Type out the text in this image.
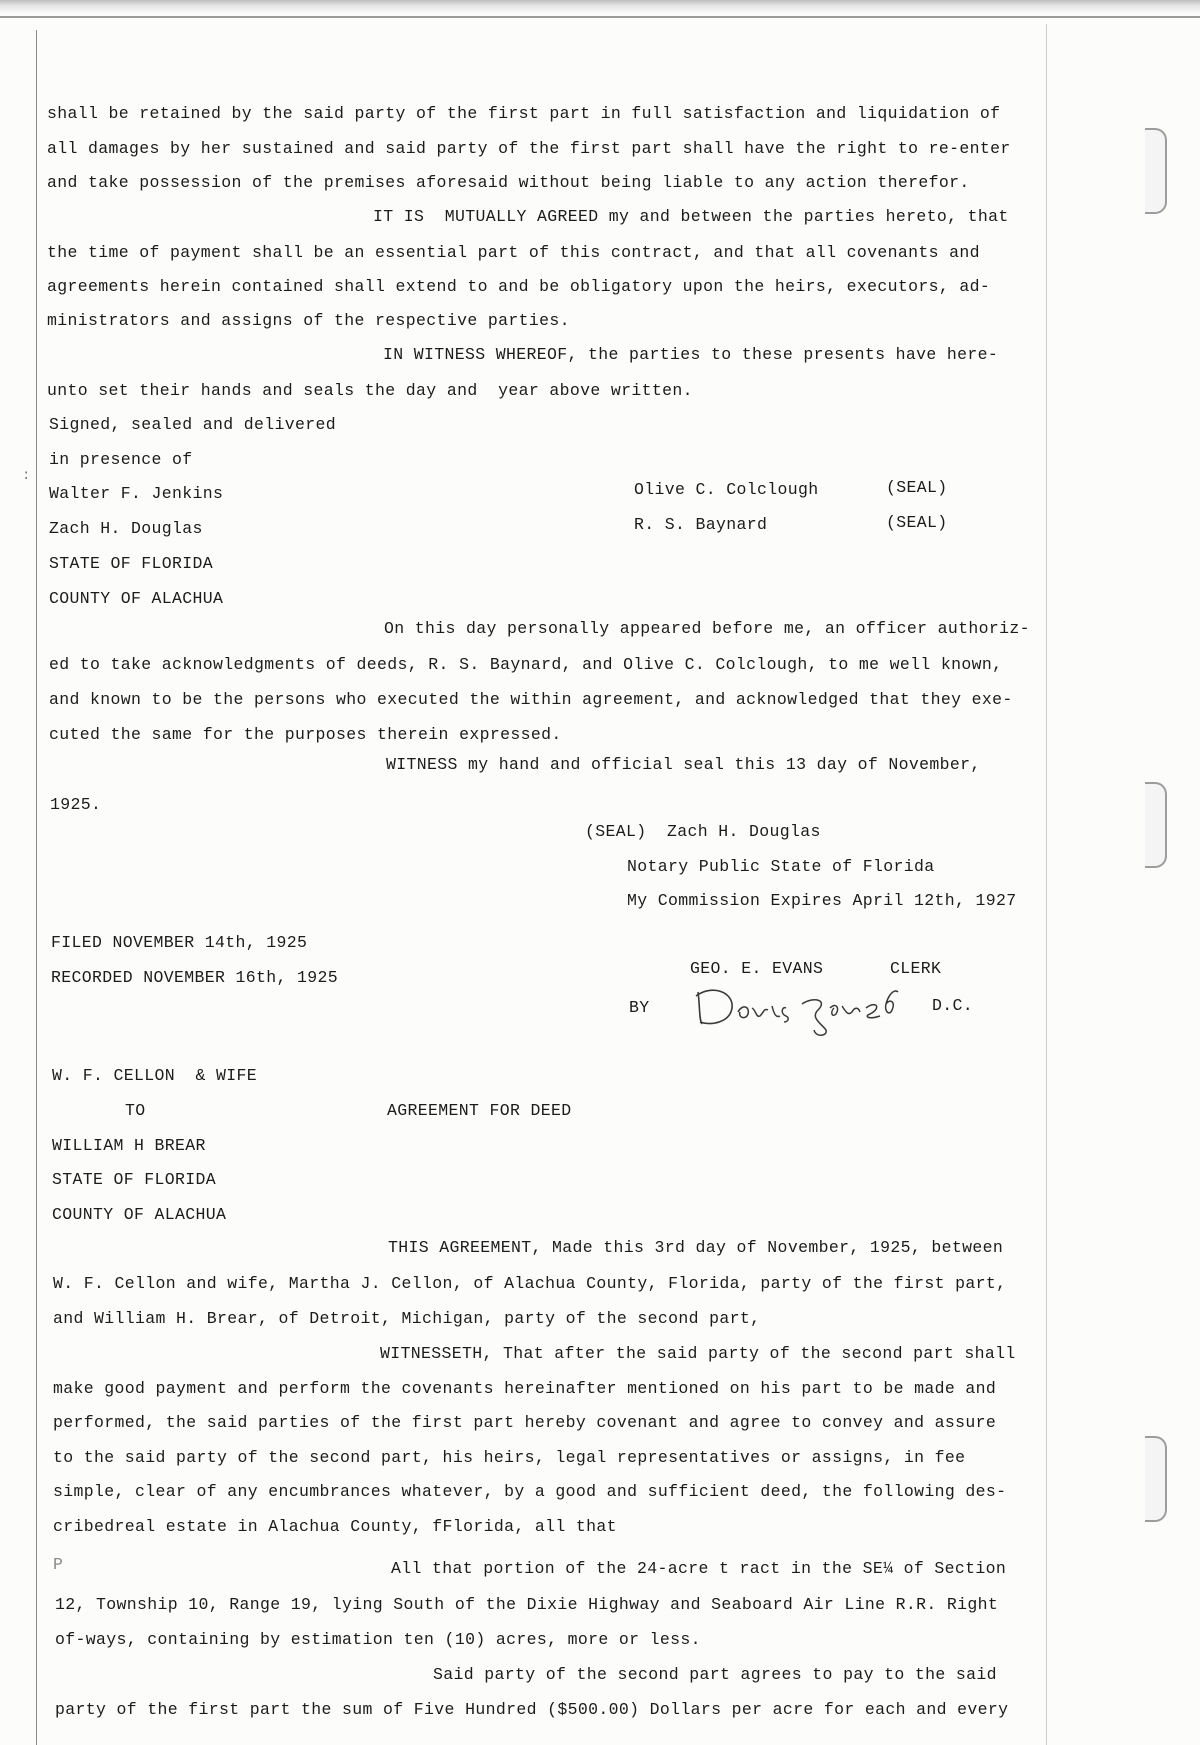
:

shall be retained by the said party of the first part in full satisfaction and liquidation of

all damages by her sustained and said party of the first part shall have the right to re-enter

and take possession of the premises aforesaid without being liable to any action therefor.

IT IS  MUTUALLY AGREED my and between the parties hereto, that

the time of payment shall be an essential part of this contract, and that all covenants and

agreements herein contained shall extend to and be obligatory upon the heirs, executors, ad-

ministrators and assigns of the respective parties.

IN WITNESS WHEREOF, the parties to these presents have here-

unto set their hands and seals the day and  year above written.

Signed, sealed and delivered

in presence of

Walter F. Jenkins	Olive C. Colclough	(SEAL)

Zach H. Douglas	R. S. Baynard	(SEAL)

STATE OF FLORIDA

COUNTY OF ALACHUA

On this day personally appeared before me, an officer authoriz-

ed to take acknowledgments of deeds, R. S. Baynard, and Olive C. Colclough, to me well known,

and known to be the persons who executed the within agreement, and acknowledged that they exe-

cuted the same for the purposes therein expressed.

WITNESS my hand and official seal this 13 day of November,

1925.

(SEAL)  Zach H. Douglas

Notary Public State of Florida

My Commission Expires April 12th, 1927

FILED NOVEMBER 14th, 1925

GEO. E. EVANS	CLERK

RECORDED NOVEMBER 16th, 1925

BY	D.C.

W. F. CELLON  & WIFE

TO	AGREEMENT FOR DEED

WILLIAM H BREAR

STATE OF FLORIDA

COUNTY OF ALACHUA

THIS AGREEMENT, Made this 3rd day of November, 1925, between

W. F. Cellon and wife, Martha J. Cellon, of Alachua County, Florida, party of the first part,

and William H. Brear, of Detroit, Michigan, party of the second part,

WITNESSETH, That after the said party of the second part shall

make good payment and perform the covenants hereinafter mentioned on his part to be made and

performed, the said parties of the first part hereby covenant and agree to convey and assure

to the said party of the second part, his heirs, legal representatives or assigns, in fee

simple, clear of any encumbrances whatever, by a good and sufficient deed, the following des-

cribedreal estate in Alachua County, fFlorida, all that

P	All that portion of the 24-acre t ract in the SE¼ of Section

12, Township 10, Range 19, lying South of the Dixie Highway and Seaboard Air Line R.R. Right

of-ways, containing by estimation ten (10) acres, more or less.

Said party of the second part agrees to pay to the said

party of the first part the sum of Five Hundred ($500.00) Dollars per acre for each and every
